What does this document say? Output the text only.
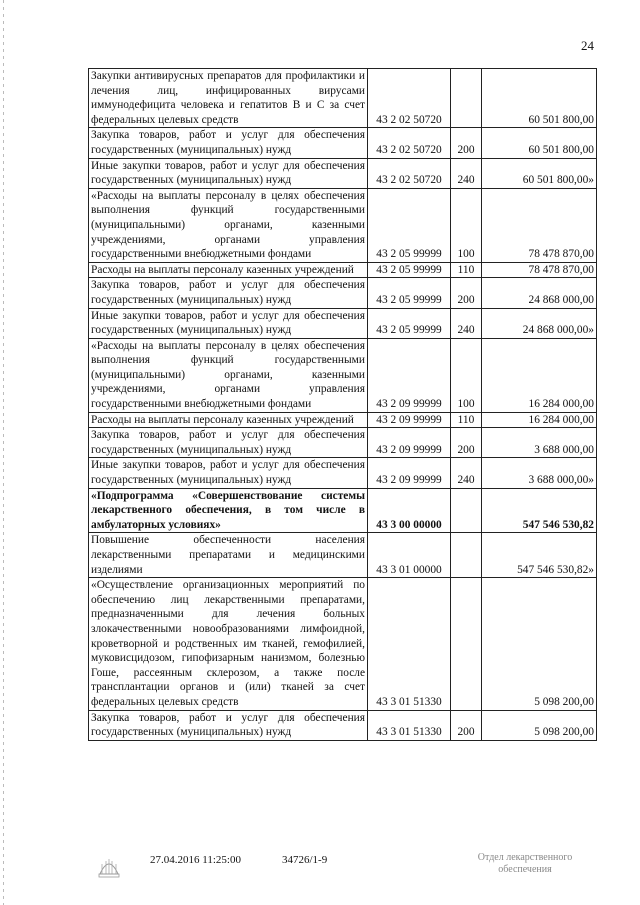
24
Закупки антивирусных препаратов для профилактики и лечения лиц, инфицированных вирусами иммунодефицита человека и гепатитов В и С за счет федеральных целевых средств	43 2 02 50720		60 501 800,00

Закупка товаров, работ и услуг для обеспечения государственных (муниципальных) нужд	43 2 02 50720	200	60 501 800,00

Иные закупки товаров, работ и услуг для обеспечения государственных (муниципальных) нужд	43 2 02 50720	240	60 501 800,00»

«Расходы на выплаты персоналу в целях обеспечения выполнения функций государственными (муниципальными) органами, казенными учреждениями, органами управления государственными внебюджетными фондами	43 2 05 99999	100	78 478 870,00

Расходы на выплаты персоналу казенных учреждений	43 2 05 99999	110	78 478 870,00

Закупка товаров, работ и услуг для обеспечения государственных (муниципальных) нужд	43 2 05 99999	200	24 868 000,00

Иные закупки товаров, работ и услуг для обеспечения государственных (муниципальных) нужд	43 2 05 99999	240	24 868 000,00»

«Расходы на выплаты персоналу в целях обеспечения выполнения функций государственными (муниципальными) органами, казенными учреждениями, органами управления государственными внебюджетными фондами	43 2 09 99999	100	16 284 000,00

Расходы на выплаты персоналу казенных учреждений	43 2 09 99999	110	16 284 000,00

Закупка товаров, работ и услуг для обеспечения государственных (муниципальных) нужд	43 2 09 99999	200	3 688 000,00

Иные закупки товаров, работ и услуг для обеспечения государственных (муниципальных) нужд	43 2 09 99999	240	3 688 000,00»

«Подпрограмма «Совершенствование системы лекарственного обеспечения, в том числе в амбулаторных условиях»	43 3 00 00000		547 546 530,82

Повышение обеспеченности населения лекарственными препаратами и медицинскими изделиями	43 3 01 00000		547 546 530,82»

«Осуществление организационных мероприятий по обеспечению лиц лекарственными препаратами, предназначенными для лечения больных злокачественными новообразованиями лимфоидной, кроветворной и родственных им тканей, гемофилией, муковисцидозом, гипофизарным нанизмом, болезнью Гоше, рассеянным склерозом, а также после трансплантации органов и (или) тканей за счет федеральных целевых средств	43 3 01 51330		5 098 200,00

Закупка товаров, работ и услуг для обеспечения государственных (муниципальных) нужд	43 3 01 51330	200	5 098 200,00
27.04.2016 11:25:00	34726/1-9	Отдел лекарственного обеспечения
